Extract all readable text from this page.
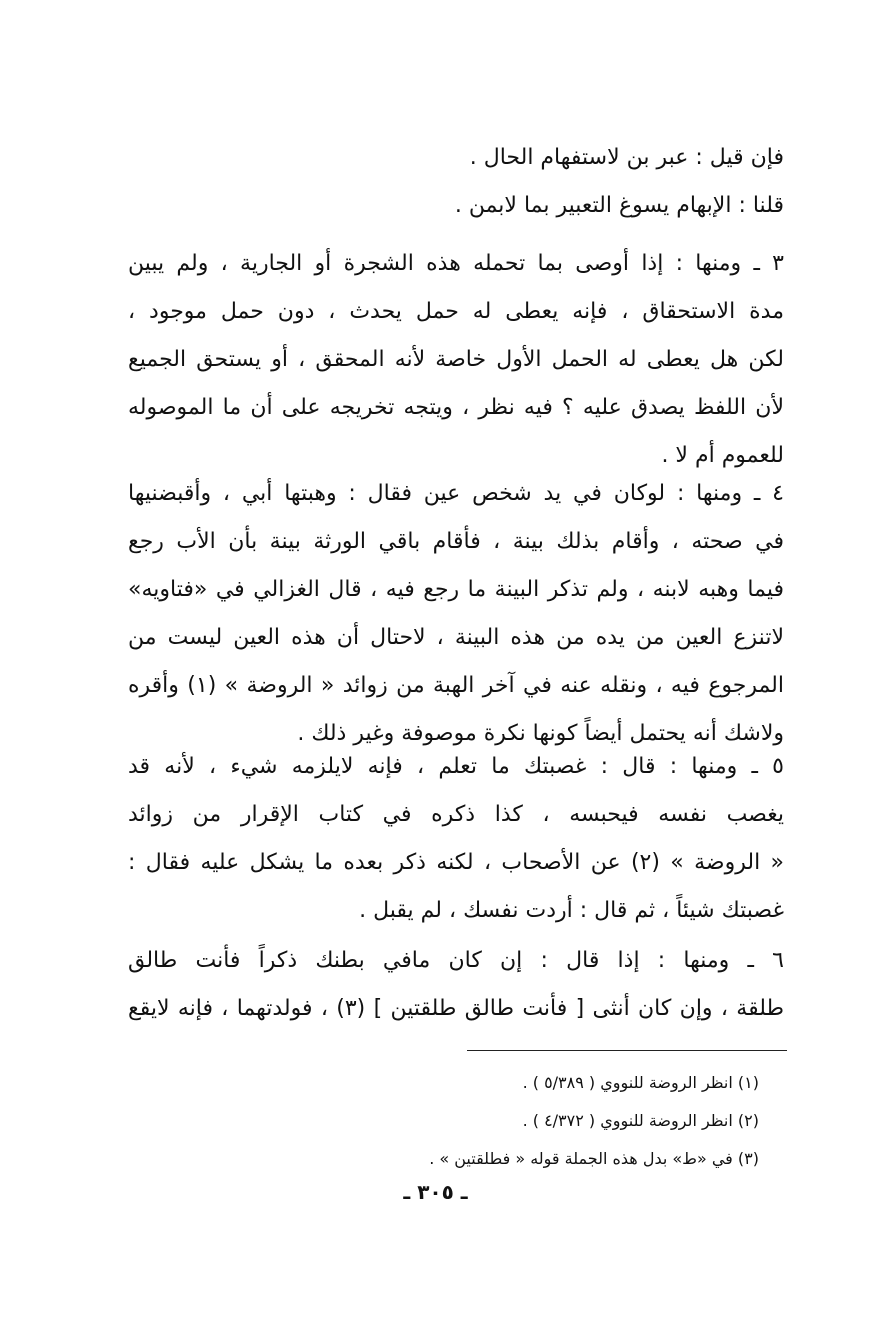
فإن قيل : عبر بن لاستفهام الحال .
قلنا : الإبهام يسوغ التعبير بما لابمن .
٣ ـ ومنها : إذا أوصى بما تحمله هذه الشجرة أو الجارية ، ولم يبين
مدة الاستحقاق ، فإنه يعطى له حمل يحدث ، دون حمل موجود ،
لكن هل يعطى له الحمل الأول خاصة لأنه المحقق ، أو يستحق الجميع
لأن اللفظ يصدق عليه ؟ فيه نظر ، ويتجه تخريجه على أن ما الموصوله
للعموم أم لا .
٤ ـ ومنها : لوكان في يد شخص عين فقال : وهبتها أبي ، وأقبضنيها
في صحته ، وأقام بذلك بينة ، فأقام باقي الورثة بينة بأن الأب رجع
فيما وهبه لابنه ، ولم تذكر البينة ما رجع فيه ، قال الغزالي في «فتاويه»
لاتنزع العين من يده من هذه البينة ، لاحتال أن هذه العين ليست من
المرجوع فيه ، ونقله عنه في آخر الهبة من زوائد « الروضة » (١) وأقره
ولاشك أنه يحتمل أيضاً كونها نكرة موصوفة وغير ذلك .
٥ ـ ومنها : قال : غصبتك ما تعلم ، فإنه لايلزمه شيء ، لأنه قد
يغصب نفسه فيحبسه ، كذا ذكره في كتاب الإقرار من زوائد
« الروضة » (٢) عن الأصحاب ، لكنه ذكر بعده ما يشكل عليه فقال :
غصبتك شيئاً ، ثم قال : أردت نفسك ، لم يقبل .
٦ ـ ومنها : إذا قال : إن كان مافي بطنك ذكراً فأنت طالق
طلقة ، وإن كان أنثى [ فأنت طالق طلقتين ] (٣) ، فولدتهما ، فإنه لايقع
(١) انظر الروضة للنووي ( ٥/٣٨٩ ) .
(٢) انظر الروضة للنووي ( ٤/٣٧٢ ) .
(٣) في «ط» بدل هذه الجملة قوله « فطلقتين » .
ـ ٣٠٥ ـ
